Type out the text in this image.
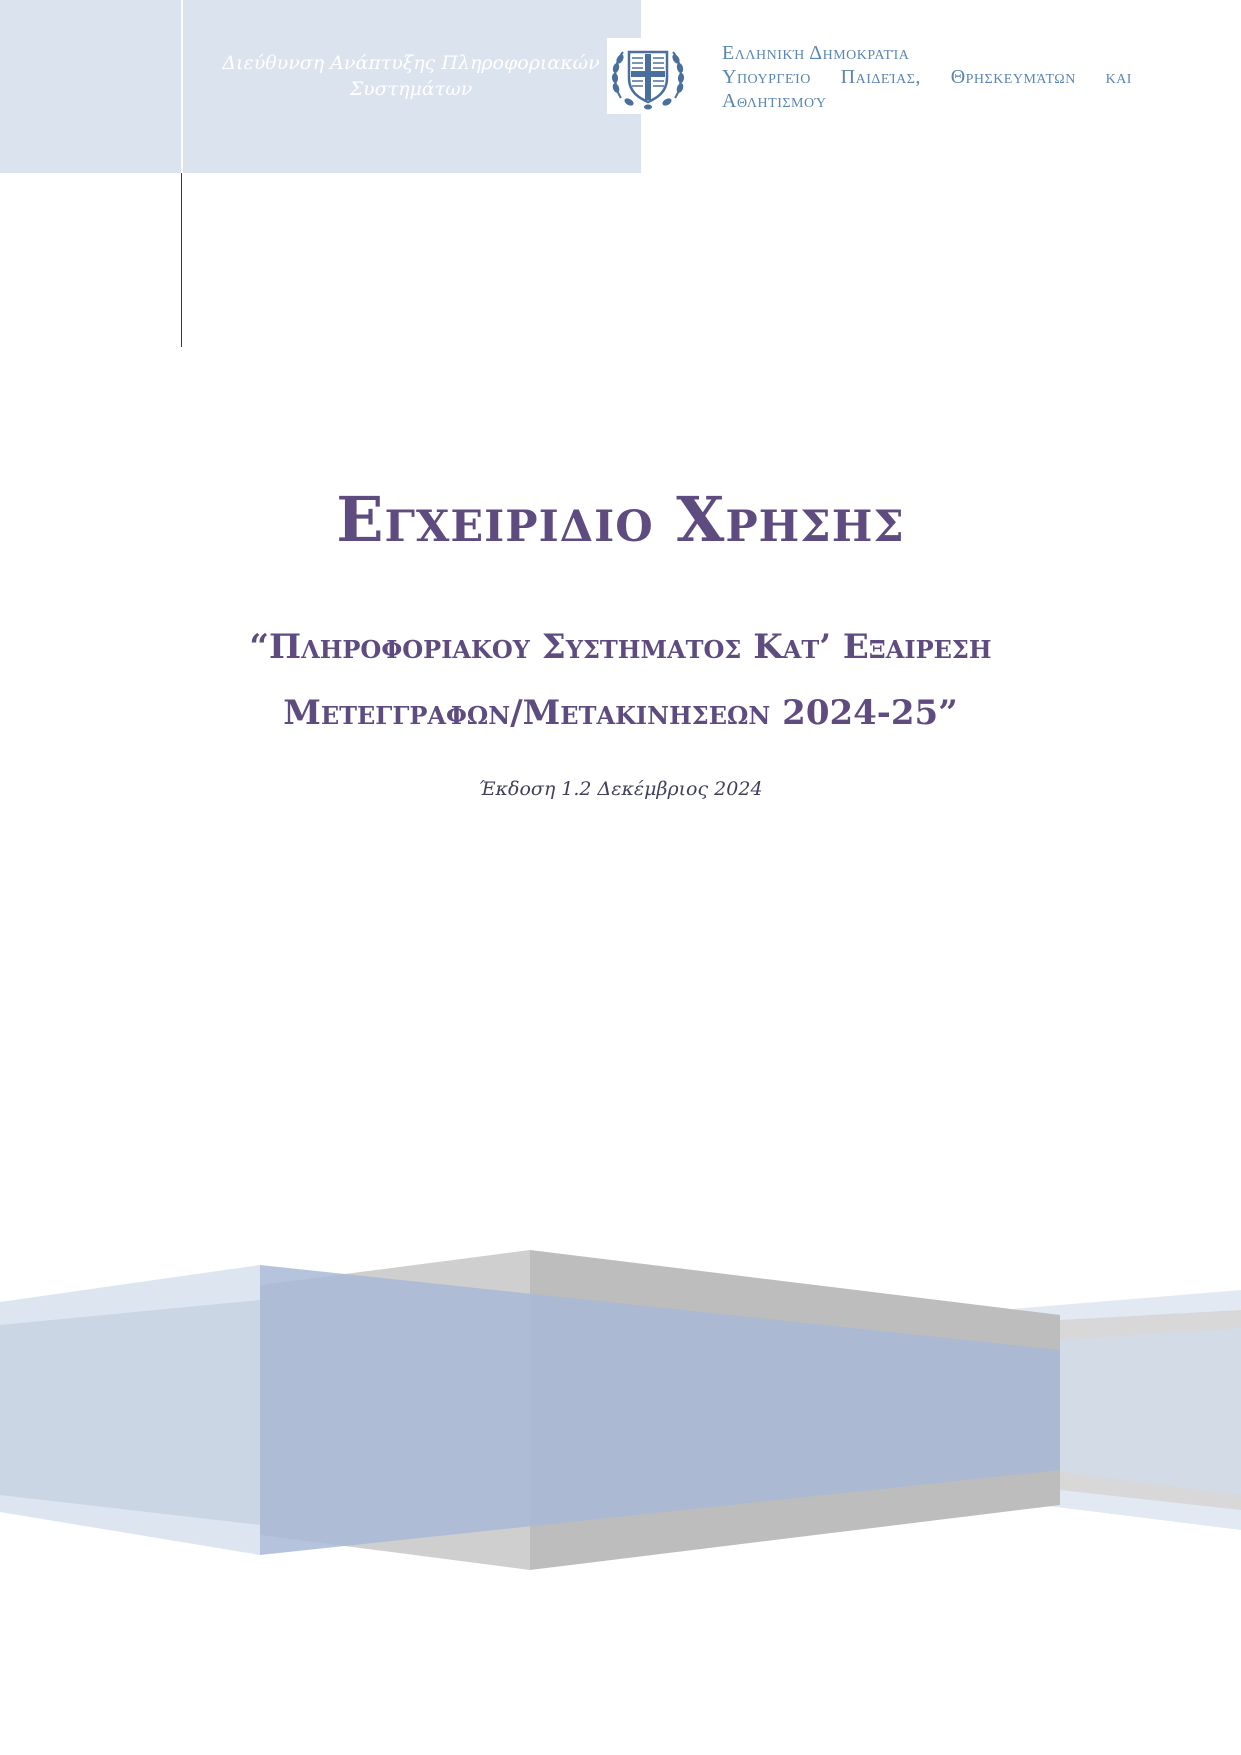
Διεύθυνση Ανάπτυξης Πληροφοριακών
Συστημάτων
Ελληνική Δημοκρατία
Υπουργείο Παιδείας, Θρησκευμάτων και
Αθλητισμού
Εγχειριδιο Χρησησ
“Πληροφοριακου Συστηματος Κατ’ Εξαιρεση
Μετεγγραφων/Μετακινησεων 2024-25”
Έκδοση 1.2 Δεκέμβριος 2024
